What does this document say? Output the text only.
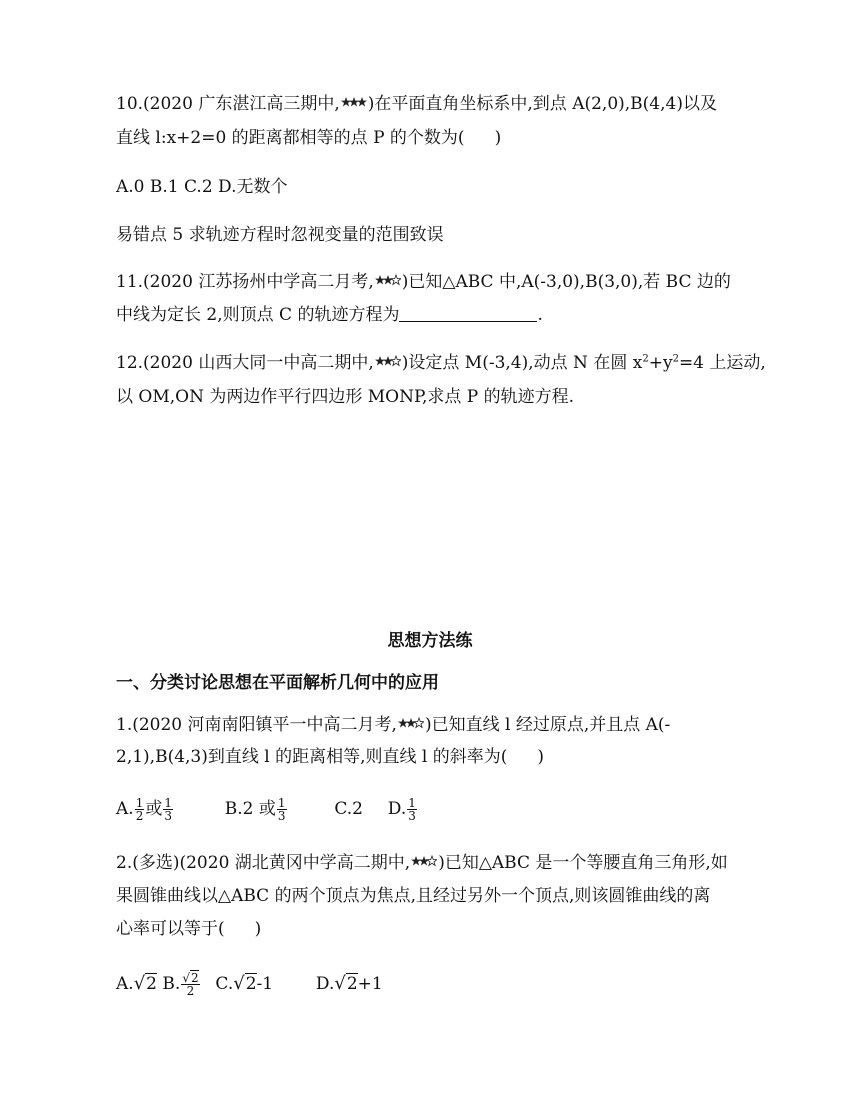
10.(2020 广东湛江高三期中, )在平面直角坐标系中,到点 A(2,0),B(4,4)以及
直线 l:x+2=0 的距离都相等的点 P 的个数为( )
A.0 B.1 C.2 D.无数个
易错点 5 求轨迹方程时忽视变量的范围致误
11.(2020 江苏扬州中学高二月考, )已知△ABC 中,A(-3,0),B(3,0),若 BC 边的
中线为定长 2,则顶点 C 的轨迹方程为	.
12.(2020 山西大同一中高二期中, )设定点 M(-3,4),动点 N 在圆 $x^2+y^2=4$ 上运动,
以 OM,ON 为两边作平行四边形 MONP,求点 P 的轨迹方程.
思想方法练
一、分类讨论思想在平面解析几何中的应用
1.(2020 河南南阳镇平一中高二月考, )已知直线 l 经过原点,并且点 A(-
2,1),B(4,3)到直线 l 的距离相等,则直线 l 的斜率为( )
A. $\frac{1}{2}$ 或 $\frac{1}{3}$	B.2 或 $\frac{1}{3}$	C.2 D. $\frac{1}{3}$
2.(多选)(2020 湖北黄冈中学高二期中, )已知△ABC 是一个等腰直角三角形,如
果圆锥曲线以△ABC 的两个顶点为焦点,且经过另外一个顶点,则该圆锥曲线的离
心率可以等于( )
A.√2 B. $\frac{√2}{2} C.√2-1$	D.√2+1
